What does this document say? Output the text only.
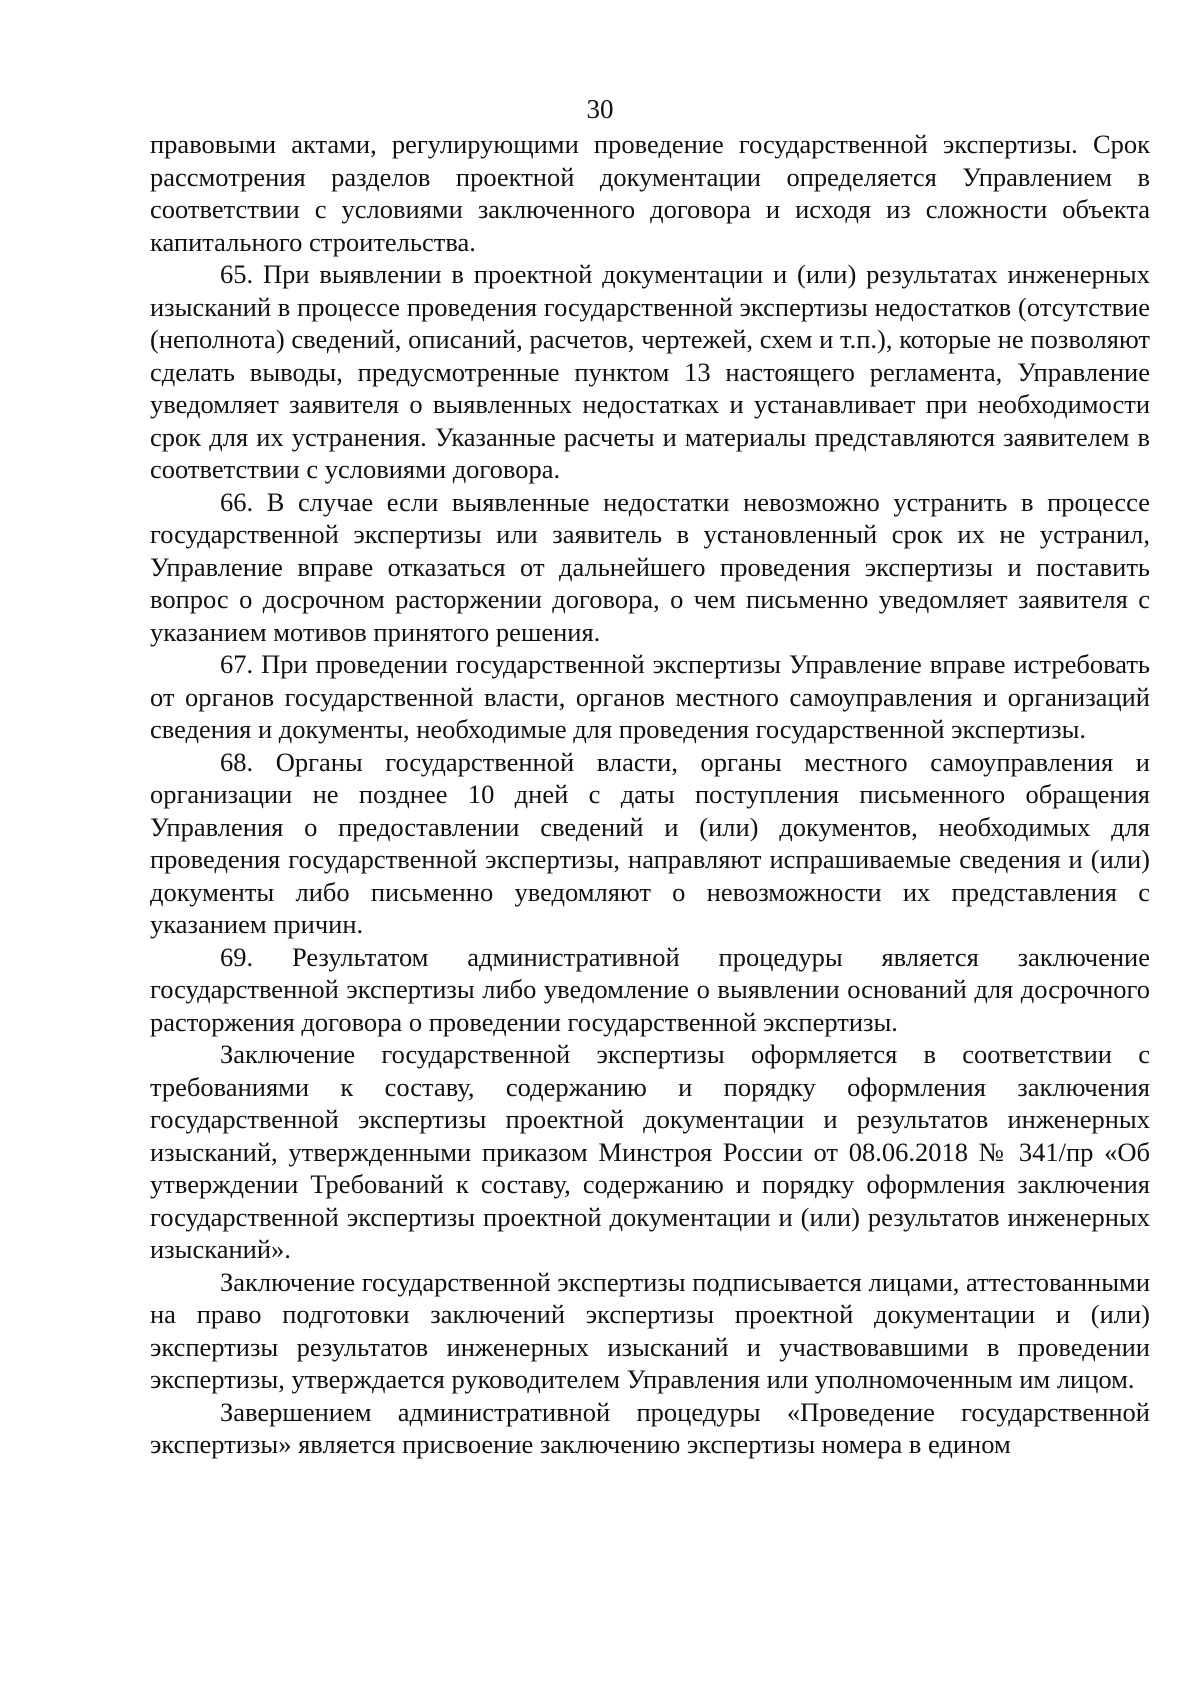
30

правовыми актами, регулирующими проведение государственной экспертизы. Срок рассмотрения разделов проектной документации определяется Управлением в соответствии с условиями заключенного договора и исходя из сложности объекта капитального строительства.

65. При выявлении в проектной документации и (или) результатах инженерных изысканий в процессе проведения государственной экспертизы недостатков (отсутствие (неполнота) сведений, описаний, расчетов, чертежей, схем и т.п.), которые не позволяют сделать выводы, предусмотренные пунктом 13 настоящего регламента, Управление уведомляет заявителя о выявленных недостатках и устанавливает при необходимости срок для их устранения. Указанные расчеты и материалы представляются заявителем в соответствии с условиями договора.

66. В случае если выявленные недостатки невозможно устранить в процессе государственной экспертизы или заявитель в установленный срок их не устранил, Управление вправе отказаться от дальнейшего проведения экспертизы и поставить вопрос о досрочном расторжении договора, о чем письменно уведомляет заявителя с указанием мотивов принятого решения.

67. При проведении государственной экспертизы Управление вправе истребовать от органов государственной власти, органов местного самоуправления и организаций сведения и документы, необходимые для проведения государственной экспертизы.

68. Органы государственной власти, органы местного самоуправления и организации не позднее 10 дней с даты поступления письменного обращения Управления о предоставлении сведений и (или) документов, необходимых для проведения государственной экспертизы, направляют испрашиваемые сведения и (или) документы либо письменно уведомляют о невозможности их представления с указанием причин.

69. Результатом административной процедуры является заключение государственной экспертизы либо уведомление о выявлении оснований для досрочного расторжения договора о проведении государственной экспертизы.

Заключение государственной экспертизы оформляется в соответствии с требованиями к составу, содержанию и порядку оформления заключения государственной экспертизы проектной документации и результатов инженерных изысканий, утвержденными приказом Минстроя России от 08.06.2018 № 341/пр «Об утверждении Требований к составу, содержанию и порядку оформления заключения государственной экспертизы проектной документации и (или) результатов инженерных изысканий».

Заключение государственной экспертизы подписывается лицами, аттестованными на право подготовки заключений экспертизы проектной документации и (или) экспертизы результатов инженерных изысканий и участвовавшими в проведении экспертизы, утверждается руководителем Управления или уполномоченным им лицом.

Завершением административной процедуры «Проведение государственной экспертизы» является присвоение заключению экспертизы номера в едином
